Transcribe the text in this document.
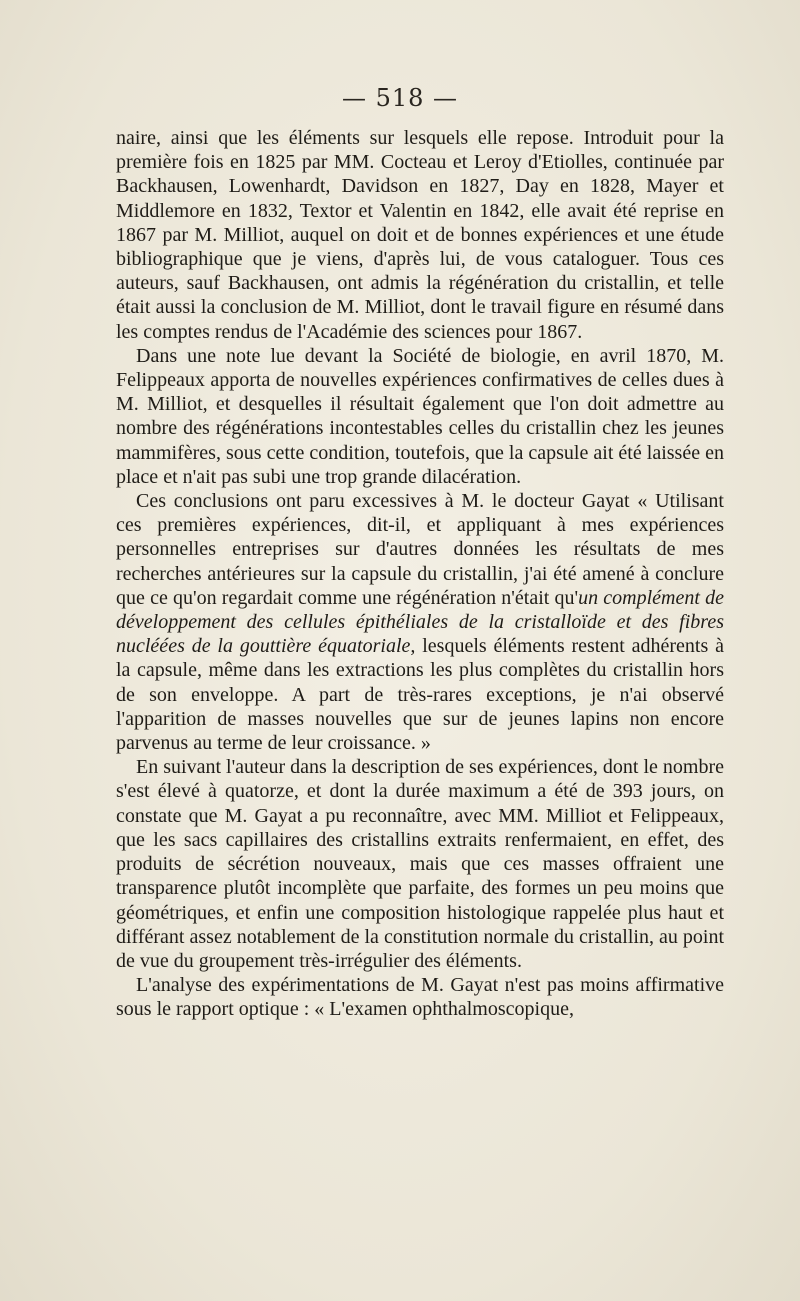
— 518 —

naire, ainsi que les éléments sur lesquels elle repose. Introduit pour la première fois en 1825 par MM. Cocteau et Leroy d'Etiolles, continuée par Backhausen, Lowenhardt, Davidson en 1827, Day en 1828, Mayer et Middlemore en 1832, Textor et Valentin en 1842, elle avait été reprise en 1867 par M. Milliot, auquel on doit et de bonnes expériences et une étude bibliographique que je viens, d'après lui, de vous cataloguer. Tous ces auteurs, sauf Backhausen, ont admis la régénération du cristallin, et telle était aussi la conclusion de M. Milliot, dont le travail figure en résumé dans les comptes rendus de l'Académie des sciences pour 1867.

Dans une note lue devant la Société de biologie, en avril 1870, M. Felippeaux apporta de nouvelles expériences confirmatives de celles dues à M. Milliot, et desquelles il résultait également que l'on doit admettre au nombre des régénérations incontestables celles du cristallin chez les jeunes mammifères, sous cette condition, toutefois, que la capsule ait été laissée en place et n'ait pas subi une trop grande dilacération.

Ces conclusions ont paru excessives à M. le docteur Gayat « Utilisant ces premières expériences, dit-il, et appliquant à mes expériences personnelles entreprises sur d'autres données les résultats de mes recherches antérieures sur la capsule du cristallin, j'ai été amené à conclure que ce qu'on regardait comme une régénération n'était qu'un complément de développement des cellules épithéliales de la cristalloïde et des fibres nucléées de la gouttière équatoriale, lesquels éléments restent adhérents à la capsule, même dans les extractions les plus complètes du cristallin hors de son enveloppe. A part de très-rares exceptions, je n'ai observé l'apparition de masses nouvelles que sur de jeunes lapins non encore parvenus au terme de leur croissance. »

En suivant l'auteur dans la description de ses expériences, dont le nombre s'est élevé à quatorze, et dont la durée maximum a été de 393 jours, on constate que M. Gayat a pu reconnaître, avec MM. Milliot et Felippeaux, que les sacs capillaires des cristallins extraits renfermaient, en effet, des produits de sécrétion nouveaux, mais que ces masses offraient une transparence plutôt incomplète que parfaite, des formes un peu moins que géométriques, et enfin une composition histologique rappelée plus haut et différant assez notablement de la constitution normale du cristallin, au point de vue du groupement très-irrégulier des éléments.

L'analyse des expérimentations de M. Gayat n'est pas moins affirmative sous le rapport optique : « L'examen ophthalmoscopique,
